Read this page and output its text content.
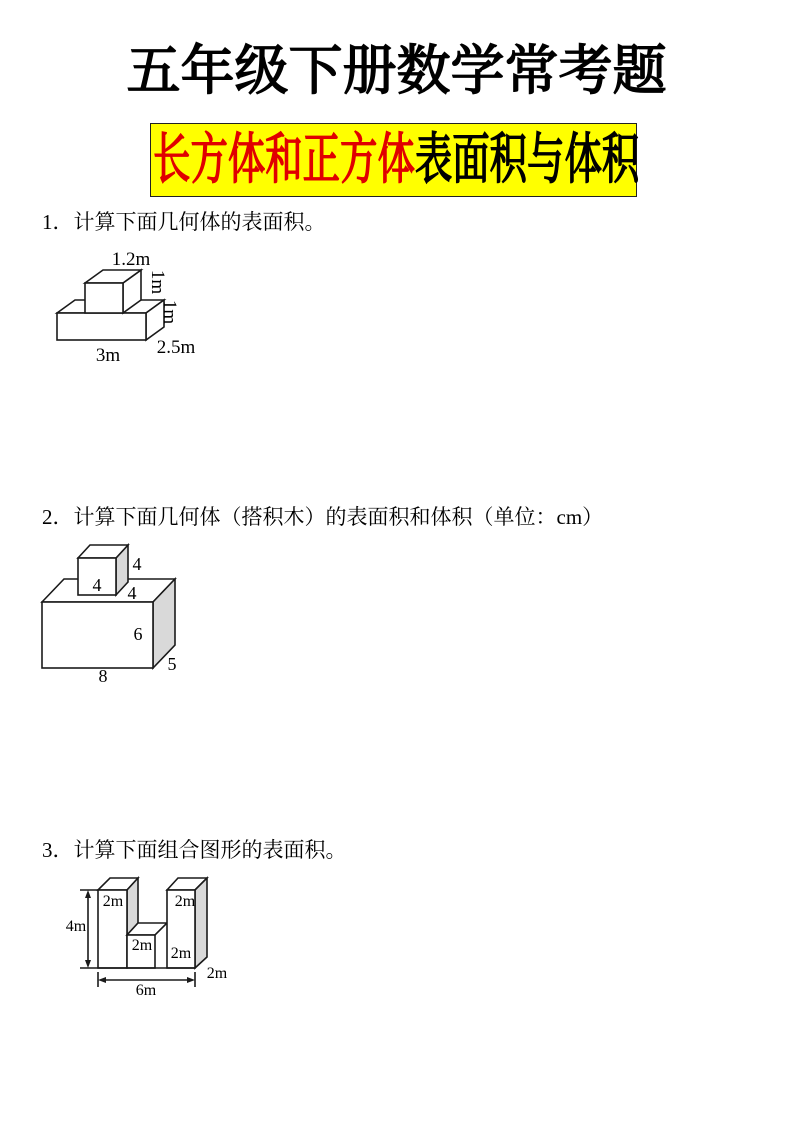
五年级下册数学常考题
长方体和正方体表面积与体积
1．计算下面几何体的表面积。
1.2m
1m
1m
2.5m
3m
2．计算下面几何体（搭积木）的表面积和体积（单位：cm）
4
4 4
6
5
8
3．计算下面组合图形的表面积。
2m	2m
2m 2m
2m
4m
6m
